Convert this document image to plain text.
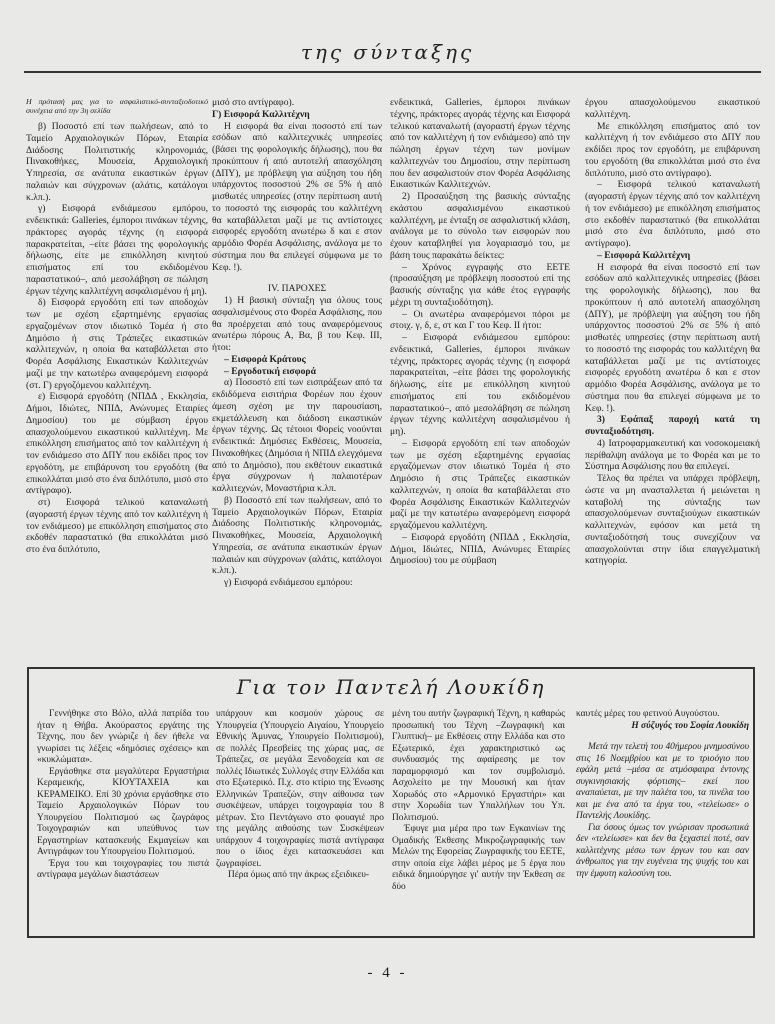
της σύνταξης

Η πρότασή μας για το ασφαλιστικό-συνταξιοδοτικό συνέχεια από την 3η σελίδα

β) Ποσοστό επί των πωλήσεων, από το Ταμείο Αρχαιολογικών Πόρων, Εταιρία Διάδοσης Πολιτιστικής κληρονομιάς, Πινακοθήκες, Μουσεία, Αρχαιολογική Υπηρεσία, σε ανάτυπα εικαστικών έργων παλαιών και σύγχρονων (αλάτις, κατάλογοι κ.λπ.).

γ) Εισφορά ενδιάμεσου εμπόρου, ενδεικτικά: Galleries, έμποροι πινάκων τέχνης, πράκτορες αγοράς τέχνης (η εισφορά παρακρατείται, –είτε βάσει της φορολογικής δήλωσης, είτε με επικόλληση κινητού επισήματος επί του εκδιδομένου παραστατικού–, από μεσολάβηση σε πώληση έργων τέχνης καλλιτέχνη ασφαλισμένου ή μη).

δ) Εισφορά εργοδότη επί των αποδοχών των με σχέση εξαρτημένης εργασίας εργαζομένων στον ιδιωτικό Τομέα ή στο Δημόσιο ή στις Τράπεζες εικαστικών καλλιτεχνών, η οποία θα καταβάλλεται στο Φορέα Ασφάλισης Εικαστικών Καλλιτεχνών μαζί με την κατωτέρω αναφερόμενη εισφορά (στ. Γ) εργοζόμενου καλλιτέχνη.

ε) Εισφορά εργοδότη (ΝΠΔΔ , Εκκλησία, Δήμοι, Ιδιώτες, ΝΠΙΔ, Ανώνυμες Εταιρίες Δημοσίου) του με σύμβαση έργου απασχολούμενου εικαστικού καλλιτέχνη. Με επικόλληση επισήματος από τον καλλιτέχνη ή τον ενδιάμεσο στο ΔΠΥ που εκδίδει προς τον εργοδότη, με επιβάρυνση του εργοδότη (θα επικολλάται μισό στο ένα διπλότυπο, μισό στο αντίγραφο).

στ) Εισφορά τελικού καταναλωτή (αγοραστή έργων τέχνης από τον καλλιτέχνη ή τον ενδιάμεσο) με επικόλληση επισήματος στο εκδοθέν παραστατικό (θα επικολλάται μισό στο ένα διπλότυπο,

μισό στο αντίγραφο).

Γ) Εισφορά Καλλιτέχνη

Η εισφορά θα είναι ποσοστό επί των εσόδων από καλλιτεχνικές υπηρεσίες (βάσει της φορολογικής δήλωσης), που θα προκύπτουν ή από αυτοτελή απασχόληση (ΔΠΥ), με πρόβλεψη για αύξηση του ήδη υπάρχοντος ποσοστού 2% σε 5% ή από μισθωτές υπηρεσίες (στην περίπτωση αυτή το ποσοστό της εισφοράς του καλλιτέχνη θα καταβάλλεται μαζί με τις αντίστοιχες εισφορές εργοδότη ανωτέρω δ και ε στον αρμόδιο Φορέα Ασφάλισης, ανάλογα με το σύστημα που θα επιλεγεί σύμφωνα με το Κεφ. !).

IV. ΠΑΡΟΧΕΣ

1) Η βασική σύνταξη για όλους τους ασφαλισμένους στο Φορέα Ασφάλισης, που θα προέρχεται από τους αναφερόμενους ανωτέρω πόρους Α, Βα, β του Κεφ. ΙΙΙ, ήτοι:

– Εισφορά Κράτους

– Εργοδοτική εισφορά

α) Ποσοστό επί των εισπράξεων από τα εκδιδόμενα εισιτήρια Φορέων που έχουν άμεση σχέση με την παρουσίαση, εκμετάλλευση και διάδοση εικαστικών έργων τέχνης. Ως τέτοιοι Φορείς νοούνται ενδεικτικά: Δημόσιες Εκθέσεις, Μουσεία, Πινακοθήκες (Δημόσια ή ΝΠΙΔ ελεγχόμενα από το Δημόσιο), που εκθέτουν εικαστικά έργα σύγχρονων ή παλαιοτέρων καλλιτεχνών, Μοναστήρια κ.λπ.

β) Ποσοστό επί των πωλήσεων, από το Ταμείο Αρχαιολογικών Πόρων, Εταιρία Διάδοσης Πολιτιστικής κληρονομιάς, Πινακοθήκες, Μουσεία, Αρχαιολογική Υπηρεσία, σε ανάτυπα εικαστικών έργων παλαιών και σύγχρονων (αλάτις, κατάλογοι κ.λπ.).

γ) Εισφορά ενδιάμεσου εμπόρου:

ενδεικτικά, Galleries, έμποροι πινάκων τέχνης, πράκτορες αγοράς τέχνης και Εισφορά τελικού καταναλωτή (αγοραστή έργων τέχνης από τον καλλιτέχνη ή τον ενδιάμεσο) από την πώληση έργων τέχνη των μονίμων καλλιτεχνών του Δημοσίου, στην περίπτωση που δεν ασφαλιστούν στον Φορέα Ασφάλισης Εικαστικών Καλλιτεχνών.

2) Προσαύξηση της βασικής σύνταξης εκάστου ασφαλισμένου εικαστικού καλλιτέχνη, με ένταξη σε ασφαλιστική κλάση, ανάλογα με το σύνολο των εισφορών που έχουν καταβληθεί για λογαριασμό του, με βάση τους παρακάτω δείκτες:

– Χρόνος εγγραφής στο ΕΕΤΕ (προσαύξηση με πρόβλεψη ποσοστού επί της βασικής σύνταξης για κάθε έτος εγγραφής μέχρι τη συνταξιοδότηση).

– Οι ανωτέρω αναφερόμενοι πόροι με στοιχ. γ, δ, ε, στ και Γ του Κεφ. ΙΙ ήτοι:

– Εισφορά ενδιάμεσου εμπόρου: ενδεικτικά, Galleries, έμποροι πινάκων τέχνης, πράκτορες αγοράς τέχνης (η εισφορά παρακρατείται, –είτε βάσει της φορολογικής δήλωσης, είτε με επικόλληση κινητού επισήματος επί του εκδιδομένου παραστατικού–, από μεσολάβηση σε πώληση έργων τέχνης καλλιτέχνη ασφαλισμένου ή μη).

– Εισφορά εργοδότη επί των αποδοχών των με σχέση εξαρτημένης εργασίας εργαζόμενων στον ιδιωτικό Τομέα ή στο Δημόσιο ή στις Τράπεζες εικαστικών καλλιτεχνών, η οποία θα καταβάλλεται στο Φορέα Ασφάλισης Εικαστικών Καλλιτεχνών μαζί με την κατωτέρω αναφερόμενη εισφορά εργαζόμενου καλλιτέχνη.

– Εισφορά εργοδότη (ΝΠΔΔ , Εκκλησία, Δήμοι, Ιδιώτες, ΝΠΙΔ, Ανώνυμες Εταιρίες Δημοσίου) του με σύμβαση

έργου απασχολούμενου εικαστικού καλλιτέχνη.

Με επικόλληση επισήματος από τον καλλιτέχνη ή τον ενδιάμεσο στο ΔΠΥ που εκδίδει προς τον εργοδότη, με επιβάρυνση του εργοδότη (θα επικολλάται μισό στο ένα διπλότυπο, μισό στο αντίγραφο).

– Εισφορά τελικού καταναλωτή (αγοραστή έργων τέχνης από τον καλλιτέχνη ή τον ενδιάμεσο) με επικόλληση επισήματος στο εκδοθέν παραστατικό (θα επικολλάται μισό στο ένα διπλότυπο, μισό στο αντίγραφο).

– Εισφορά Καλλιτέχνη

Η εισφορά θα είναι ποσοστό επί των εσόδων από καλλιτεχνικές υπηρεσίες (βάσει της φορολογικής δήλωσης), που θα προκύπτουν ή από αυτοτελή απασχόληση (ΔΠΥ), με πρόβλεψη για αύξηση του ήδη υπάρχοντος ποσοστού 2% σε 5% ή από μισθωτές υπηρεσίες (στην περίπτωση αυτή το ποσοστό της εισφοράς του καλλιτέχνη θα καταβάλλεται μαζί με τις αντίστοιχες εισφορές εργοδότη ανωτέρω δ και ε στον αρμόδιο Φορέα Ασφάλισης, ανάλογα με το σύστημα που θα επιλεγεί σύμφωνα με το Κεφ. !).

3) Εφάπαξ παροχή κατά τη συνταξιοδότηση.

4) Ιατροφαρμακευτική και νοσοκομειακή περίθαλψη ανάλογα με το Φορέα και με το Σύστημα Ασφάλισης που θα επιλεγεί.

Τέλος θα πρέπει να υπάρχει πρόβλεψη, ώστε να μη ανασταλλεται ή μειώνεται η καταβολή της σύνταξης των απασχολούμενων συνταξιούχων εικαστικών καλλιτεχνών, εφόσον και μετά τη συνταξιοδότησή τους συνεχίζουν να απασχολούνται στην ίδια επαγγελματική κατηγορία.

Για τον Παντελή Λουκίδη

Γεννήθηκε στο Βόλο, αλλά πατρίδα του ήταν η Θήβα. Ακούραστος εργάτης της Τέχνης, που δεν γνώριζε ή δεν ήθελε να γνωρίσει τις λέξεις «δημόσιες σχέσεις» και «κυκλώματα».

Εργάσθηκε στα μεγαλύτερα Εργαστήρια Κεραμεικής, ΚΙΟΥΤΑΧΕΙΑ και ΚΕΡΑΜΕΙΚΟ. Επί 30 χρόνια εργάσθηκε στο Ταμείο Αρχαιολογικών Πόρων του Υπουργείου Πολιτισμού ως ζωγράφος Τοιχογραφιών και υπεύθυνος των Εργαστηρίων κατασκευής Εκμαγείων και Αντιγράφων του Υπουργείου Πολιτισμού.

Έργα του και τοιχογραφίες του πιστά αντίγραφα μεγάλων διαστάσεων

υπάρχουν και κοσμούν χώρους σε Υπουργεία (Υπουργείο Αιγαίου, Υπουργείο Εθνικής Άμυνας, Υπουργείο Πολιτισμού), σε πολλές Πρεσβείες της χώρας μας, σε Τράπεζες, σε μεγάλα Ξενοδοχεία και σε πολλές Ιδιωτικές Συλλογές στην Ελλάδα και στο Εξωτερικό. Π.χ. στο κτίριο της Ένωσης Ελληνικών Τραπεζών, στην αίθουσα των συσκέψεων, υπάρχει τοιχογραφία του 8 μέτρων. Στο Πεντάγωνο στο φουαγιέ προ της μεγάλης αιθούσης των Συσκέψεων υπάρχουν 4 τοιχογραφίες πιστά αντίγραφα που ο ίδιος έχει κατασκευάσει και ζωγραφίσει.

Πέρα όμως από την άκρως εξειδικευ-

μένη του αυτήν ζωγραφική Τέχνη, η καθαρώς προσωπική του Τέχνη –Ζωγραφική και Γλυπτική– με Εκθέσεις στην Ελλάδα και στο Εξωτερικό, έχει χαρακτηριστικό ως συνδυασμός της αφαίρεσης με τον παραμορφισμό και τον συμβολισμό. Ασχολείτο με την Μουσική και ήταν Χορωδός στο «Αρμονικό Εργαστήρι» και στην Χορωδία των Υπαλλήλων του Υπ. Πολιτισμού.

Έφυγε μια μέρα προ των Εγκαινίων της Ομαδικής Έκθεσης Μικροζωγραφικής των Μελών της Εφορείας Ζωγραφικής του ΕΕΤΕ, στην οποία είχε λάβει μέρος με 5 έργα που ειδικά δημιούργησε γι' αυτήν την Έκθεση σε δύο

καυτές μέρες του φετινού Αυγούστου.

Η σύζυγός του Σοφία Λουκίδη

Μετά την τελετή του 40ήμερου μνημοσύνου στις 16 Νοεμβρίου και με το τριοόγιο που εφάλη μετά –μέσα σε ατμόσφαιρα έντονης συγκινησιακής φόρτισης– εκεί που αναπαύεται, με την παλέτα του, τα πινέλα του και με ένα από τα έργα του, «τελείωσε» ο Παντελής Λουκίδης.

Για όσους όμως τον γνώρισαν προσωπικά δεν «τελείωσε» και δεν θα ξεχαστεί ποτέ, σαν καλλιτέχνης μέσω των έργων του και σαν άνθρωπος για την ευγένεια της ψυχής του και την έμφυτη καλοσύνη του.

- 4 -
